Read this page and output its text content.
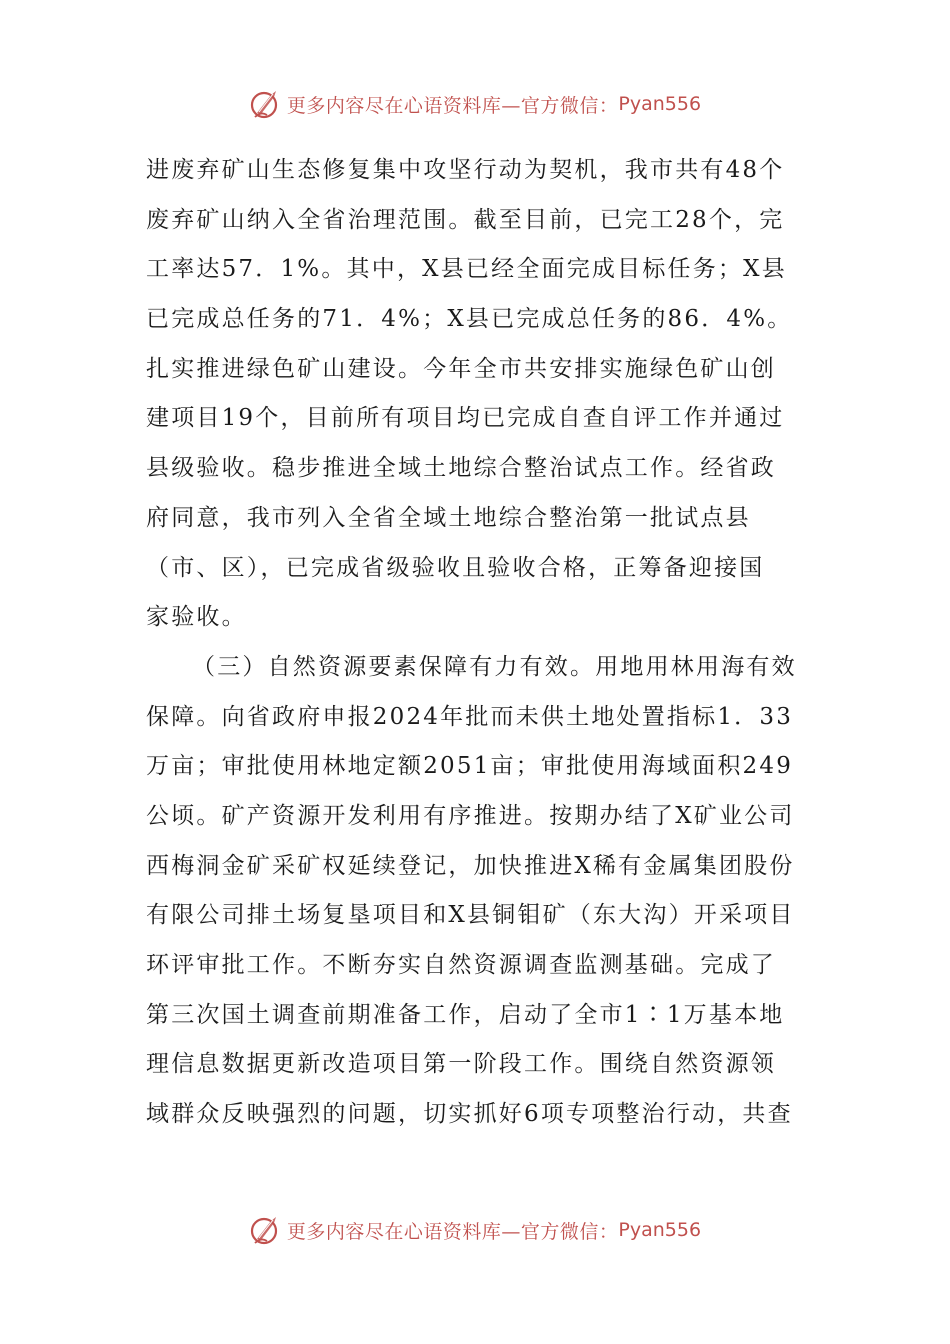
更多内容尽在心语资料库—官方微信： Pyan556
进废弃矿山生态修复集中攻坚行动为契机，我市共有48个
废弃矿山纳入全省治理范围。截至目前，已完工28个，完
工率达57．1%。其中，X县已经全面完成目标任务；X县
已完成总任务的71．4%；X县已完成总任务的86．4%。
扎实推进绿色矿山建设。今年全市共安排实施绿色矿山创
建项目19个，目前所有项目均已完成自查自评工作并通过
县级验收。稳步推进全域土地综合整治试点工作。经省政
府同意，我市列入全省全域土地综合整治第一批试点县
（市、区），已完成省级验收且验收合格，正筹备迎接国
家验收。
（三）自然资源要素保障有力有效。用地用林用海有效
保障。向省政府申报2024年批而未供土地处置指标1．33
万亩；审批使用林地定额2051亩；审批使用海域面积249
公顷。矿产资源开发利用有序推进。按期办结了X矿业公司
西梅洞金矿采矿权延续登记，加快推进X稀有金属集团股份
有限公司排土场复垦项目和X县铜钼矿（东大沟）开采项目
环评审批工作。不断夯实自然资源调查监测基础。完成了
第三次国土调查前期准备工作，启动了全市1∶1万基本地
理信息数据更新改造项目第一阶段工作。围绕自然资源领
域群众反映强烈的问题，切实抓好6项专项整治行动，共查
更多内容尽在心语资料库—官方微信： Pyan556
